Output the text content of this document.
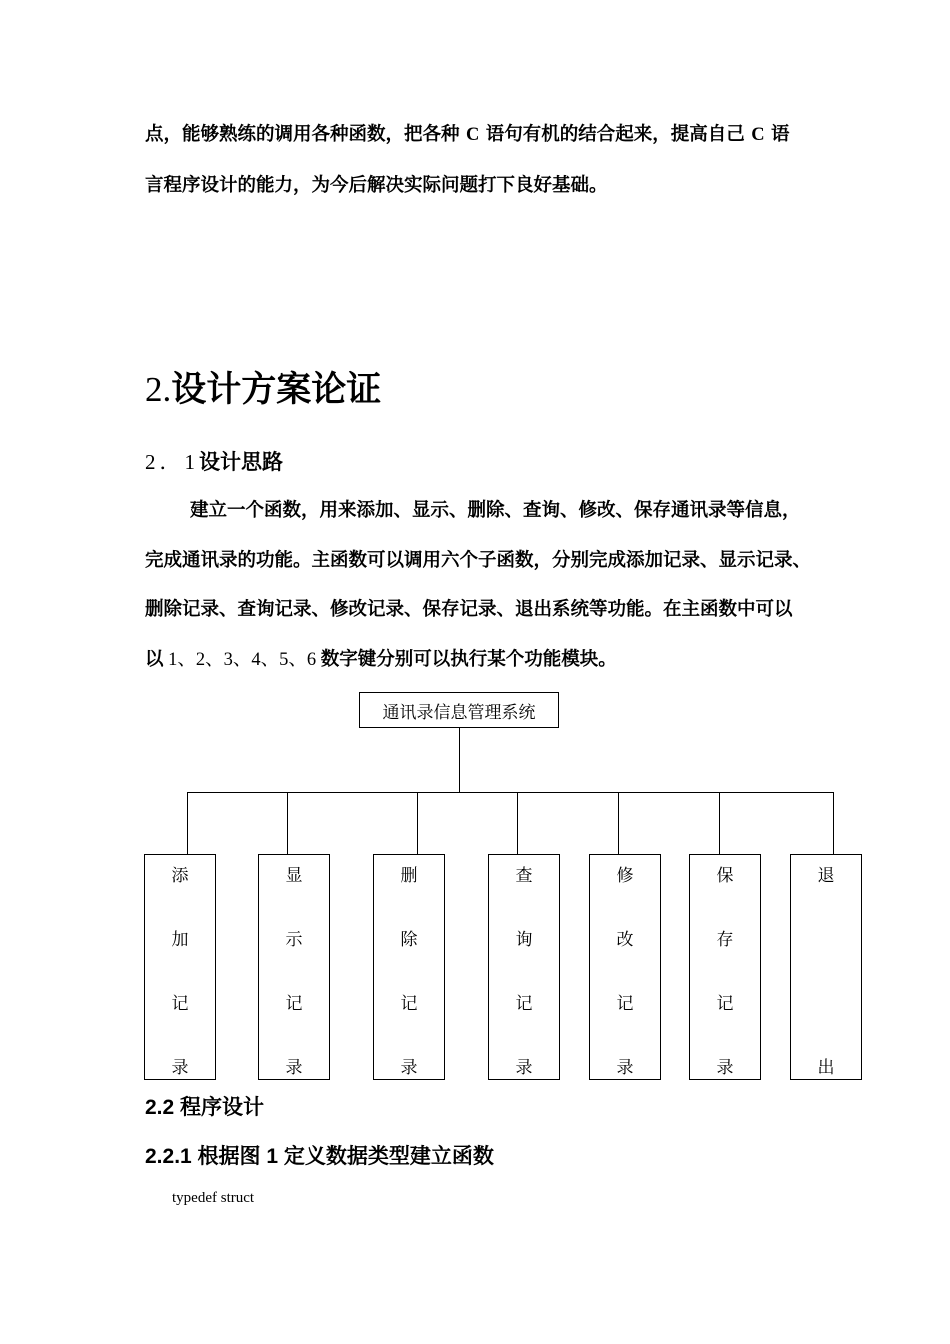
点，能够熟练的调用各种函数，把各种 C 语句有机的结合起来，提高自己 C 语
言程序设计的能力，为今后解决实际问题打下良好基础。
2.设计方案论证
2．1设计思路
建立一个函数，用来添加、显示、删除、查询、修改、保存通讯录等信息，
完成通讯录的功能。主函数可以调用六个子函数，分别完成添加记录、显示记录、
删除记录、查询记录、修改记录、保存记录、退出系统等功能。在主函数中可以
以 1、2、3、4、5、6 数字键分别可以执行某个功能模块。
通讯录信息管理系统
添
加
记
录
显
示
记
录
删
除
记
录
查
询
记
录
修
改
记
录
保
存
记
录
退
出
2.2 程序设计
2.2.1 根据图 1 定义数据类型建立函数
typedef struct
